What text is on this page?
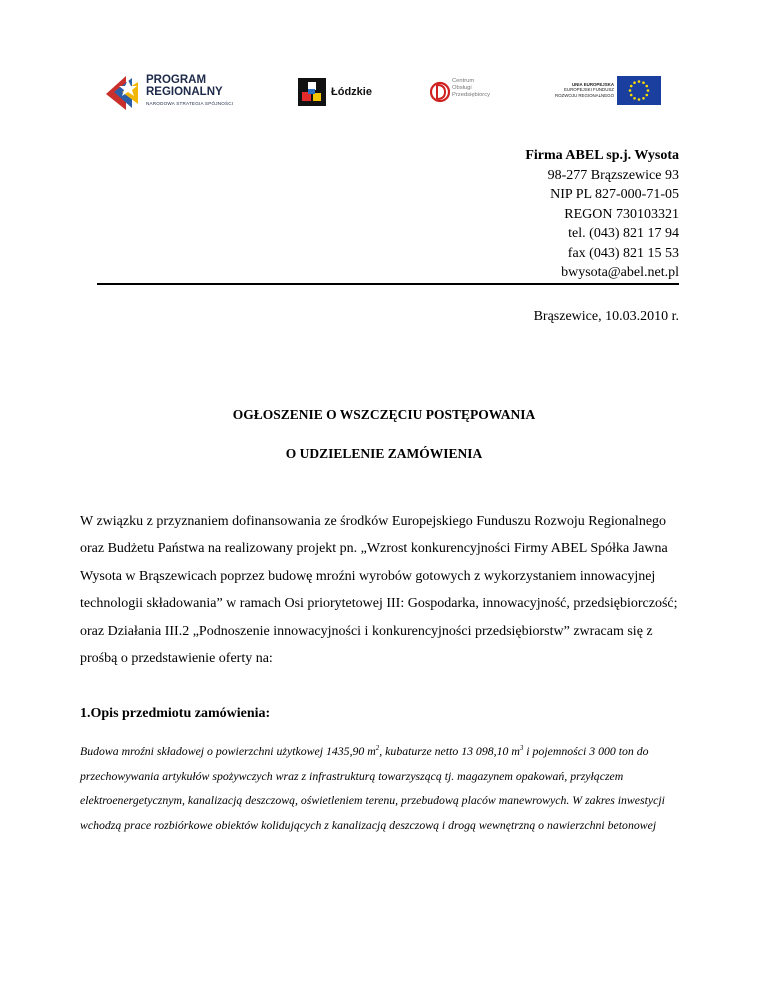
PROGRAM
REGIONALNY
NARODOWA STRATEGIA SPÓJNOŚCI
Łódzkie
Centrum
Obsługi
Przedsiębiorcy
UNIA EUROPEJSKA
EUROPEJSKI FUNDUSZ
ROZWOJU REGIONALNEGO
Firma ABEL sp.j. Wysota
98-277 Brązszewice 93
NIP PL 827-000-71-05
REGON 730103321
tel. (043) 821 17 94
fax (043) 821 15 53
bwysota@abel.net.pl
Brąszewice, 10.03.2010 r.
OGŁOSZENIE O WSZCZĘCIU POSTĘPOWANIA
O UDZIELENIE ZAMÓWIENIA
W związku z przyznaniem dofinansowania ze środków Europejskiego Funduszu Rozwoju Regionalnego oraz Budżetu Państwa na realizowany projekt pn. „Wzrost konkurencyjności Firmy ABEL Spółka Jawna Wysota w Brąszewicach poprzez budowę mroźni wyrobów gotowych z wykorzystaniem innowacyjnej technologii składowania” w ramach Osi priorytetowej III: Gospodarka, innowacyjność, przedsiębiorczość; oraz Działania III.2 „Podnoszenie innowacyjności i konkurencyjności przedsiębiorstw” zwracam się z prośbą o przedstawienie oferty na:
1.Opis przedmiotu zamówienia:
Budowa mroźni składowej o powierzchni użytkowej 1435,90 $m^2$, kubaturze netto 13 098,10 $m^3$ i pojemności 3 000 ton do przechowywania artykułów spożywczych wraz z infrastrukturą towarzyszącą tj. magazynem opakowań, przyłączem elektroenergetycznym, kanalizacją deszczową, oświetleniem terenu, przebudową placów manewrowych. W zakres inwestycji wchodzą prace rozbiórkowe obiektów kolidujących z kanalizacją deszczową i drogą wewnętrzną o nawierzchni betonowej
